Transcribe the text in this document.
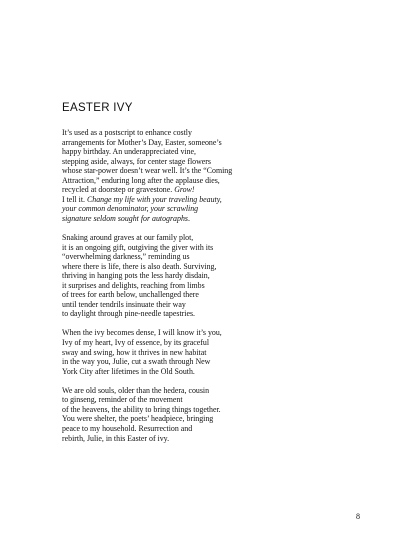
EASTER IVY
It’s used as a postscript to enhance costly
arrangements for Mother’s Day, Easter, someone’s
happy birthday. An underappreciated vine,
stepping aside, always, for center stage flowers
whose star-power doesn’t wear well. It’s the “Coming
Attraction,” enduring long after the applause dies,
recycled at doorstep or gravestone. Grow!
I tell it. Change my life with your traveling beauty,
your common denominator, your scrawling
signature seldom sought for autographs.
Snaking around graves at our family plot,
it is an ongoing gift, outgiving the giver with its
“overwhelming darkness,” reminding us
where there is life, there is also death. Surviving,
thriving in hanging pots the less hardy disdain,
it surprises and delights, reaching from limbs
of trees for earth below, unchallenged there
until tender tendrils insinuate their way
to daylight through pine-needle tapestries.
When the ivy becomes dense, I will know it’s you,
Ivy of my heart, Ivy of essence, by its graceful
sway and swing, how it thrives in new habitat
in the way you, Julie, cut a swath through New
York City after lifetimes in the Old South.
We are old souls, older than the hedera, cousin
to ginseng, reminder of the movement
of the heavens, the ability to bring things together.
You were shelter, the poets’ headpiece, bringing
peace to my household. Resurrection and
rebirth, Julie, in this Easter of ivy.
8
